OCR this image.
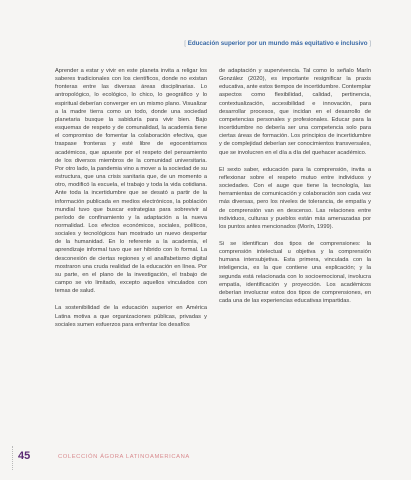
[ Educación superior por un mundo más equitativo e inclusivo ]

Aprender a estar y vivir en este planeta invita a religar los saberes tradicionales con los científicos, donde no existan fronteras entre las diversas áreas disciplinarias. Lo antropológico, lo ecológico, lo chico, lo geográfico y lo espiritual deberían converger en un mismo plano. Visualizar a la madre tierra como un todo, donde una sociedad planetaria busque la sabiduría para vivir bien. Bajo esquemas de respeto y de comunalidad, la academia tiene el compromiso de fomentar la colaboración efectiva, que traspase fronteras y esté libre de egocentrismos académicos, que apueste por el respeto del pensamiento de los diversos miembros de la comunidad universitaria. Por otro lado, la pandemia vino a mover a la sociedad de su estructura, que una crisis sanitaria que, de un momento a otro, modificó la escuela, el trabajo y toda la vida cotidiana. Ante toda la incertidumbre que se desató a partir de la información publicada en medios electrónicos, la población mundial tuvo que buscar estrategias para sobrevivir al período de confinamiento y la adaptación a la nueva normalidad. Los efectos económicos, sociales, políticos, sociales y tecnológicos han mostrado un nuevo despertar de la humanidad. En lo referente a la academia, el aprendizaje informal tuvo que ser hibrido con lo formal. La desconexión de ciertas regiones y el analfabetismo digital mostraron una cruda realidad de la educación en línea. Por su parte, en el plano de la investigación, el trabajo de campo se vio limitado, excepto aquellos vinculados con temas de salud.

La sostenibilidad de la educación superior en América Latina motiva a que organizaciones públicas, privadas y sociales sumen esfuerzos para enfrentar los desafíos

de adaptación y supervivencia. Tal como lo señalo Marín González (2020), es importante resignificar la praxis educativa, ante estos tiempos de incertidumbre. Contemplar aspectos como flexibilidad, calidad, pertinencia, contextualización, accesibilidad e innovación, para desarrollar procesos, que incidan en el desarrollo de competencias personales y profesionales. Educar para la incertidumbre no debería ser una competencia solo para ciertas áreas de formación. Los principios de incertidumbre y de complejidad deberían ser conocimientos transversales, que se involucren en el día a día del quehacer académico.

El sexto saber, educación para la comprensión, invita a reflexionar sobre el respeto mutuo entre individuos y sociedades. Con el auge que tiene la tecnología, las herramientas de comunicación y colaboración son cada vez más diversas, pero los niveles de tolerancia, de empatía y de comprensión van en descenso. Las relaciones entre individuos, culturas y pueblos están más amenazadas por los puntos antes mencionados (Morín, 1999).

Si se identifican dos tipos de comprensiones: la comprensión intelectual u objetiva y la comprensión humana intersubjetiva. Esta primera, vinculada con la inteligencia, es la que contiene una explicación; y la segunda está relacionada con lo socioemocional, involucra empatía, identificación y proyección. Los académicos deberían involucrar estos dos tipos de comprensiones, en cada una de las experiencias educativas impartidas.

45	COLECCIÓN ÁGORA LATINOAMERICANA
